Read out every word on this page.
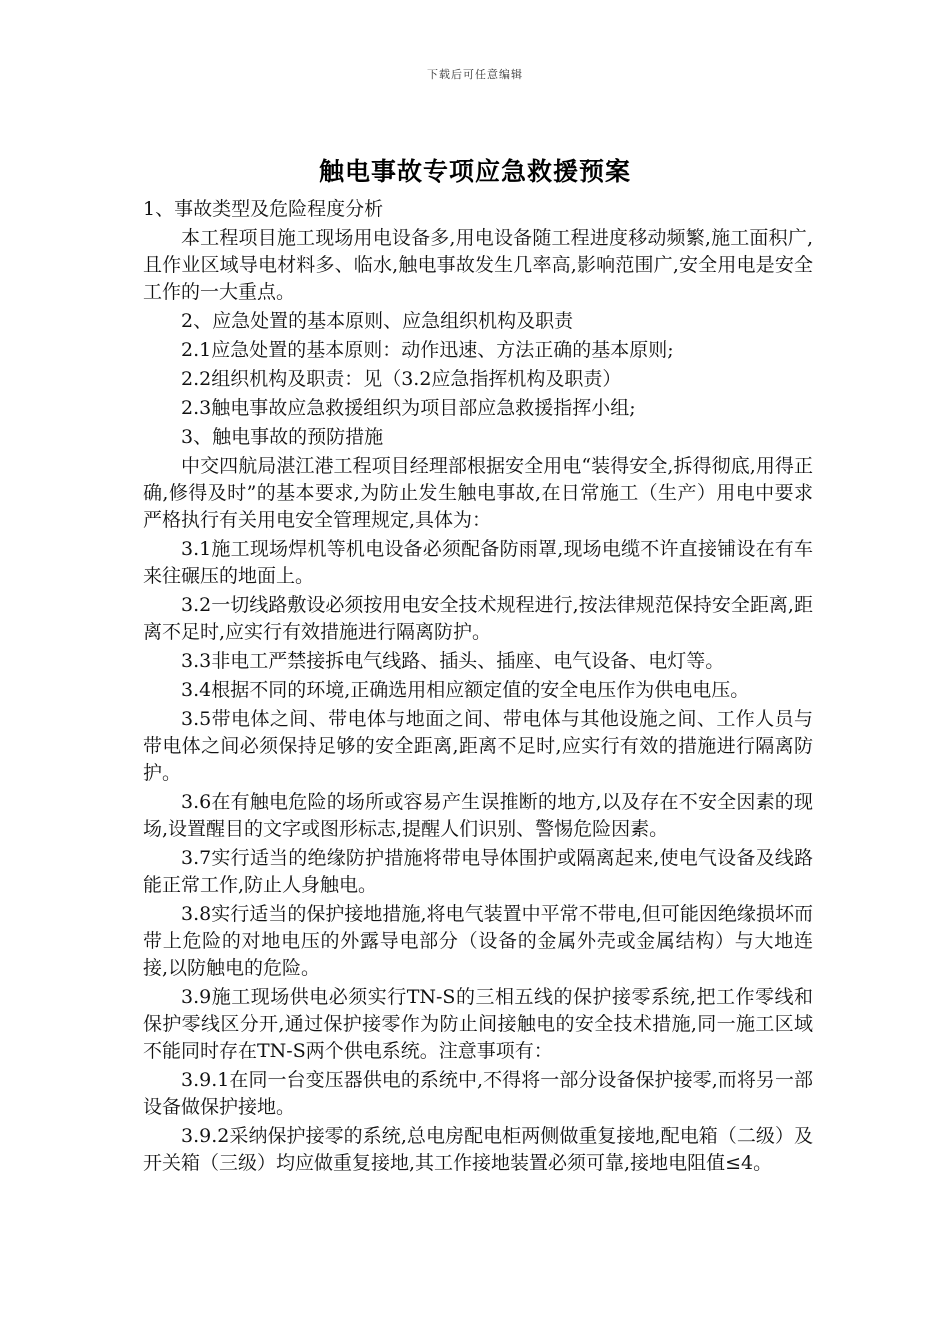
下载后可任意编辑
触电事故专项应急救援预案

1、事故类型及危险程度分析

本工程项目施工现场用电设备多,用电设备随工程进度移动频繁,施工面积广,且作业区域导电材料多、临水,触电事故发生几率高,影响范围广,安全用电是安全工作的一大重点。

2、应急处置的基本原则、应急组织机构及职责

2.1应急处置的基本原则：动作迅速、方法正确的基本原则;

2.2组织机构及职责：见（3.2应急指挥机构及职责）

2.3触电事故应急救援组织为项目部应急救援指挥小组;

3、触电事故的预防措施

中交四航局湛江港工程项目经理部根据安全用电“装得安全,拆得彻底,用得正确,修得及时”的基本要求,为防止发生触电事故,在日常施工（生产）用电中要求严格执行有关用电安全管理规定,具体为：

3.1施工现场焊机等机电设备必须配备防雨罩,现场电缆不许直接铺设在有车来往碾压的地面上。

3.2一切线路敷设必须按用电安全技术规程进行,按法律规范保持安全距离,距离不足时,应实行有效措施进行隔离防护。

3.3非电工严禁接拆电气线路、插头、插座、电气设备、电灯等。

3.4根据不同的环境,正确选用相应额定值的安全电压作为供电电压。

3.5带电体之间、带电体与地面之间、带电体与其他设施之间、工作人员与带电体之间必须保持足够的安全距离,距离不足时,应实行有效的措施进行隔离防护。

3.6在有触电危险的场所或容易产生误推断的地方,以及存在不安全因素的现场,设置醒目的文字或图形标志,提醒人们识别、警惕危险因素。

3.7实行适当的绝缘防护措施将带电导体围护或隔离起来,使电气设备及线路能正常工作,防止人身触电。

3.8实行适当的保护接地措施,将电气装置中平常不带电,但可能因绝缘损坏而带上危险的对地电压的外露导电部分（设备的金属外壳或金属结构）与大地连接,以防触电的危险。

3.9施工现场供电必须实行TN-S的三相五线的保护接零系统,把工作零线和保护零线区分开,通过保护接零作为防止间接触电的安全技术措施,同一施工区域不能同时存在TN-S两个供电系统。注意事项有：

3.9.1在同一台变压器供电的系统中,不得将一部分设备保护接零,而将另一部设备做保护接地。

3.9.2采纳保护接零的系统,总电房配电柜两侧做重复接地,配电箱（二级）及开关箱（三级）均应做重复接地,其工作接地装置必须可靠,接地电阻值≤4。
